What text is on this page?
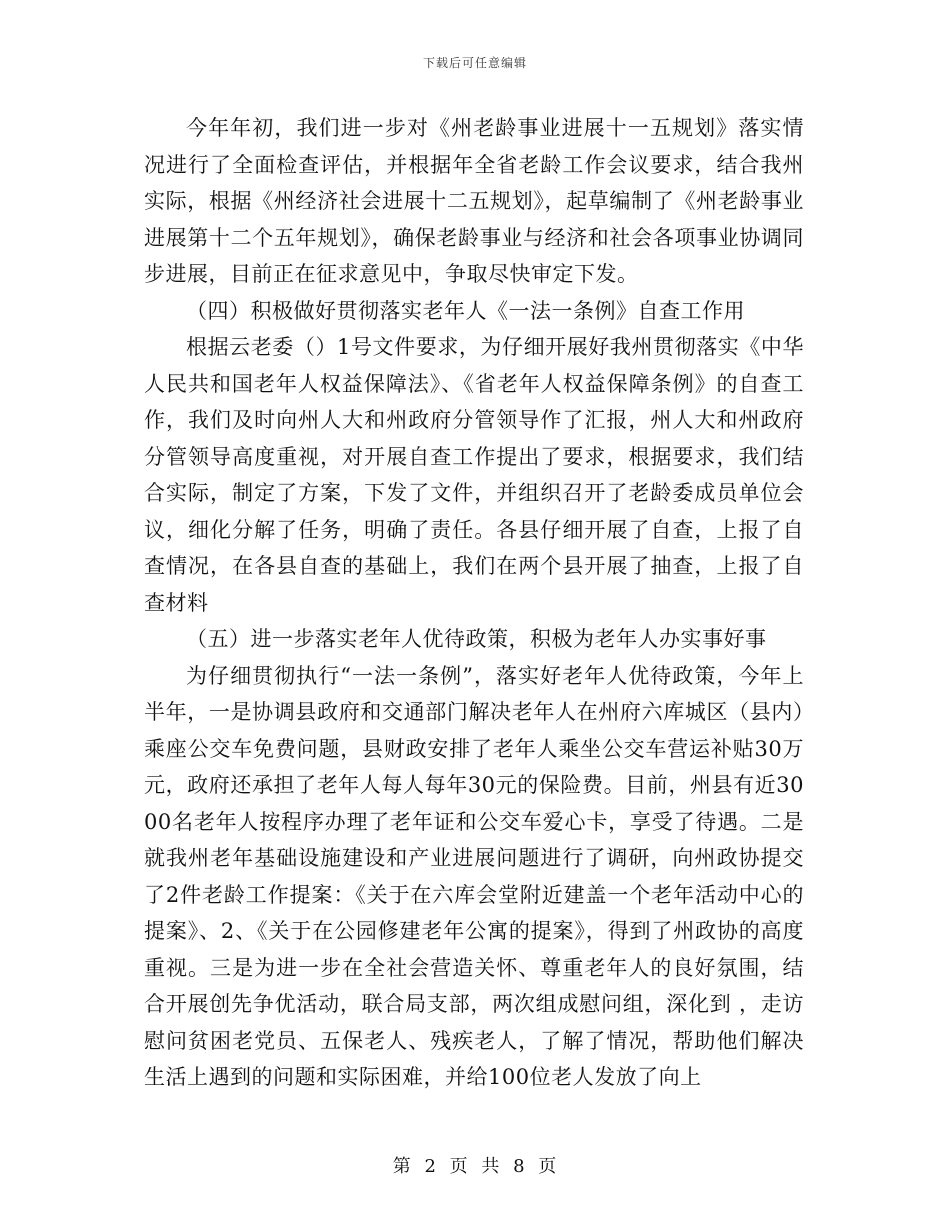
下载后可任意编辑

今年年初，我们进一步对《州老龄事业进展十一五规划》落实情况进行了全面检查评估，并根据年全省老龄工作会议要求，结合我州实际，根据《州经济社会进展十二五规划》，起草编制了《州老龄事业进展第十二个五年规划》，确保老龄事业与经济和社会各项事业协调同步进展，目前正在征求意见中，争取尽快审定下发。

（四）积极做好贯彻落实老年人《一法一条例》自查工作用

根据云老委（）1号文件要求，为仔细开展好我州贯彻落实《中华人民共和国老年人权益保障法》、《省老年人权益保障条例》的自查工作，我们及时向州人大和州政府分管领导作了汇报，州人大和州政府分管领导高度重视，对开展自查工作提出了要求，根据要求，我们结合实际，制定了方案，下发了文件，并组织召开了老龄委成员单位会议，细化分解了任务，明确了责任。各县仔细开展了自查，上报了自查情况，在各县自查的基础上，我们在两个县开展了抽查，上报了自查材料

（五）进一步落实老年人优待政策，积极为老年人办实事好事

为仔细贯彻执行“一法一条例”，落实好老年人优待政策，今年上半年，一是协调县政府和交通部门解决老年人在州府六库城区（县内）乘座公交车免费问题，县财政安排了老年人乘坐公交车营运补贴30万元，政府还承担了老年人每人每年30元的保险费。目前，州县有近3000名老年人按程序办理了老年证和公交车爱心卡，享受了待遇。二是就我州老年基础设施建设和产业进展问题进行了调研，向州政协提交了2件老龄工作提案：《关于在六库会堂附近建盖一个老年活动中心的提案》、2、《关于在公园修建老年公寓的提案》，得到了州政协的高度重视。三是为进一步在全社会营造关怀、尊重老年人的良好氛围，结合开展创先争优活动，联合局支部，两次组成慰问组，深化到 ，走访慰问贫困老党员、五保老人、残疾老人，了解了情况，帮助他们解决生活上遇到的问题和实际困难，并给100位老人发放了向上

第 2 页 共 8 页
